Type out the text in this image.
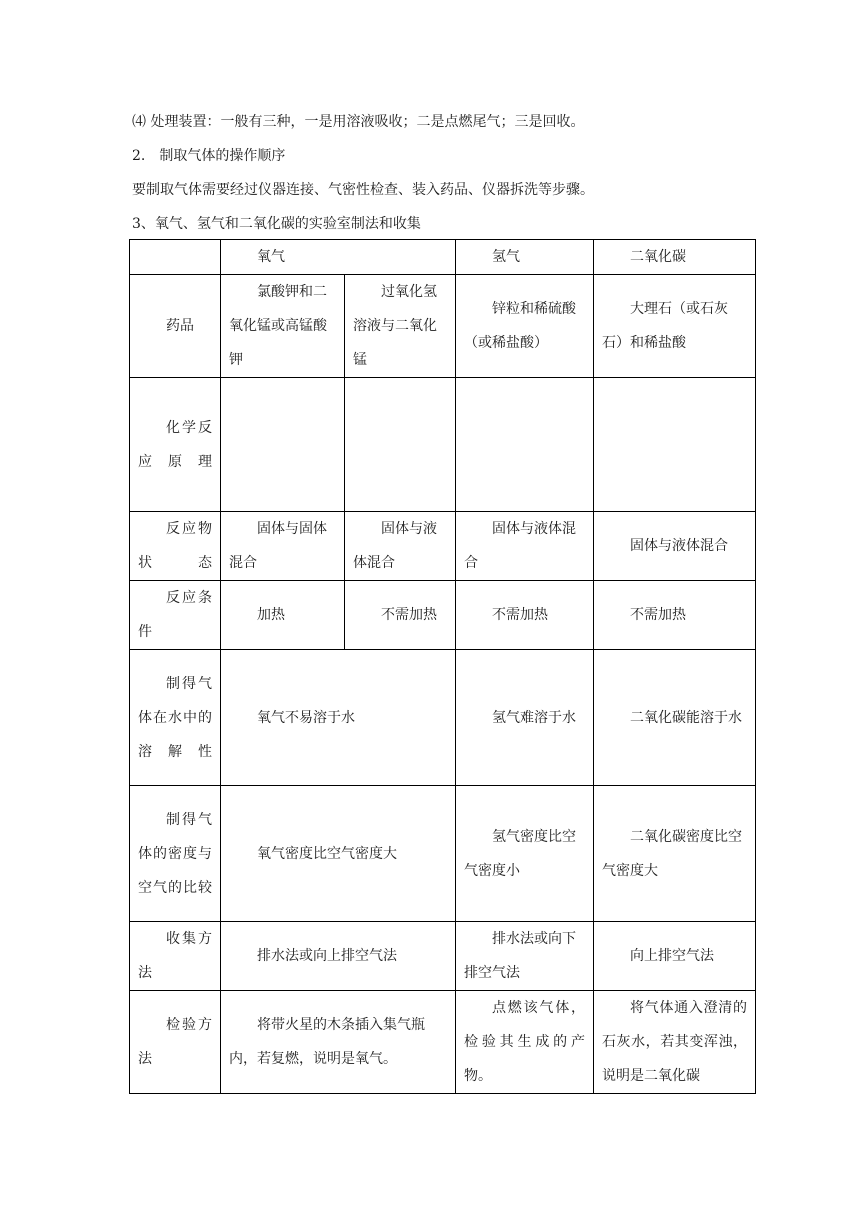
⑷ 处理装置：一般有三种，一是用溶液吸收；二是点燃尾气；三是回收。
2.　制取气体的操作顺序
要制取气体需要经过仪器连接、气密性检查、装入药品、仪器拆洗等步骤。
3、氧气、氢气和二氧化碳的实验室制法和收集
	氧气		氢气	二氧化碳
药品	氯酸钾和二氧化锰或高锰酸钾	过氧化氢溶液与二氧化锰	锌粒和稀硫酸（或稀盐酸）	大理石（或石灰石）和稀盐酸

化学反应原理				

反应物状态	固体与固体混合	固体与液体混合	固体与液体混合	固体与液体混合

反应条件	加热	不需加热	不需加热	不需加热

制得气体在水中的溶解性	氧气不易溶于水		氢气难溶于水	二氧化碳能溶于水

制得气体的密度与空气的比较	氧气密度比空气密度大		氢气密度比空气密度小	二氧化碳密度比空气密度大

收集方法	排水法或向上排空气法		排水法或向下排空气法	向上排空气法

检验方法	将带火星的木条插入集气瓶内，若复燃，说明是氧气。		点燃该气体，检验其生成的产物。	将气体通入澄清的石灰水，若其变浑浊，说明是二氧化碳
